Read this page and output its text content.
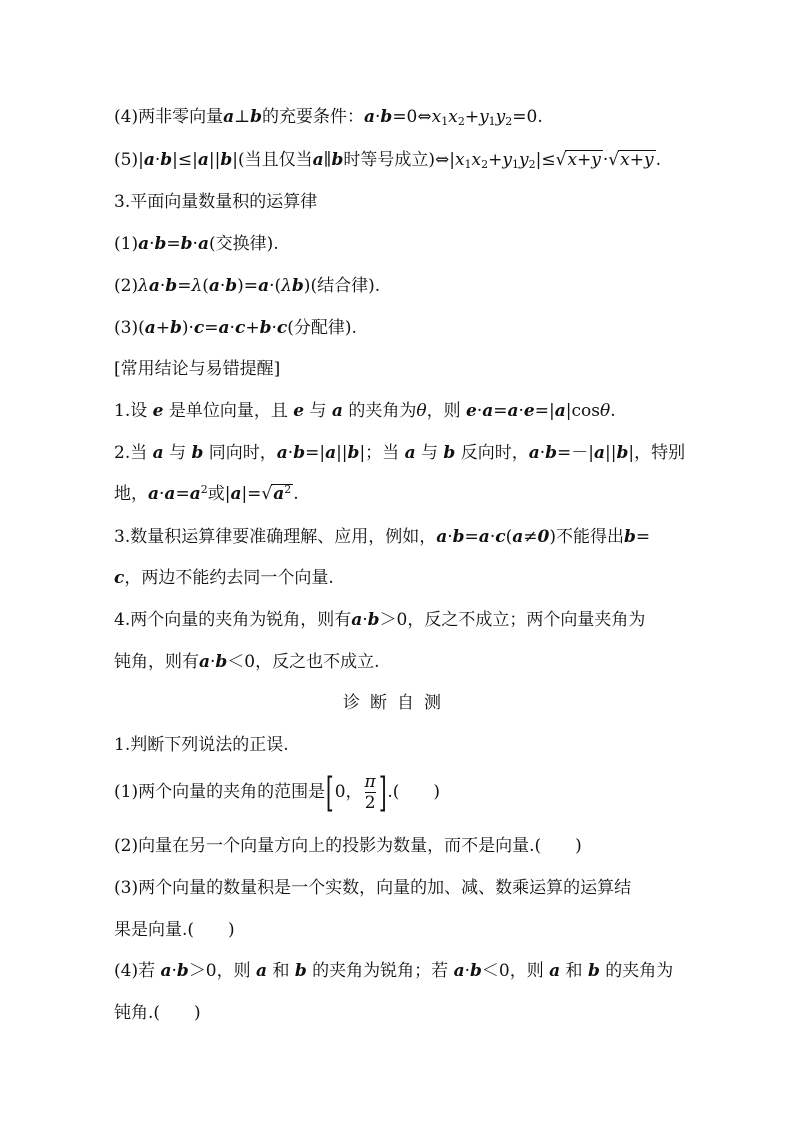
(4)两非零向量a⊥b的充要条件：$a\cdot b=0\Leftrightarrow x_1x_2+y_1y_2=0$.
(5)|a·b|≤|a||b|(当且仅当a∥b时等号成立)$\Leftrightarrow|x_1x_2+y_1y_2|\le√x+y \cdot√x+y$ .
3.平面向量数量积的运算律
(1)a·b=b·a(交换律).
(2)λa·b=λ(a·b)=a·(λb)(结合律).
(3)(a+b)·c=a·c+b·c(分配律).
[常用结论与易错提醒]
1.设 e 是单位向量，且 e 与 a 的夹角为θ，则 e·a=a·e=|a|cosθ.
2.当 a 与 b 同向时，a·b=|a||b|；当 a 与 b 反向时，a·b=－|a||b|，特别
地，$a\cdot a=a^2$或$|a|=√a^2$ .
3.数量积运算律要准确理解、应用，例如，a·b=a·c(a≠0)不能得出b=
c，两边不能约去同一个向量.
4.两个向量的夹角为锐角，则有a·b＞0，反之不成立；两个向量夹角为
钝角，则有a·b＜0，反之也不成立.
诊断自测
1.判断下列说法的正误.
(1)两个向量的夹角的范围是[0， $\frac{\pi}{2}$ ].(　　)
(2)向量在另一个向量方向上的投影为数量，而不是向量.(　　)
(3)两个向量的数量积是一个实数，向量的加、减、数乘运算的运算结
果是向量.(　　)
(4)若 a·b＞0，则 a 和 b 的夹角为锐角；若 a·b＜0，则 a 和 b 的夹角为
钝角.(　　)
